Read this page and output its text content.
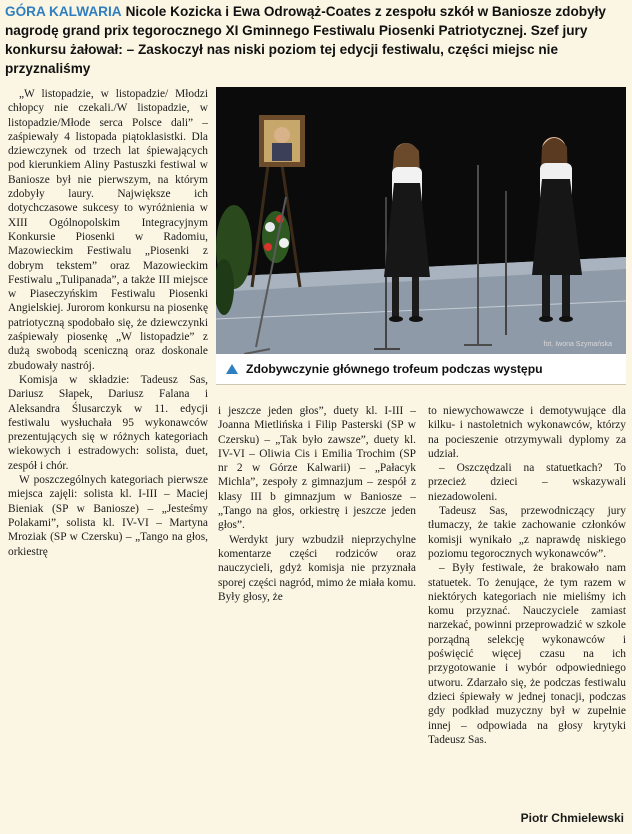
GÓRA KALWARIA Nicole Kozicka i Ewa Odrowąż-Coates z zespołu szkół w Baniosze zdobyły nagrodę grand prix tegorocznego XI Gminnego Festiwalu Piosenki Patriotycznej. Szef jury konkursu żałował: – Zaskoczył nas niski poziom tej edycji festiwalu, części miejsc nie przyznaliśmy

„W listopadzie, w listopadzie/ Młodzi chłopcy nie czekali./W listopadzie, w listopadzie/Młode serca Polsce dali” – zaśpiewały 4 listopada piątoklasistki. Dla dziewczynek od trzech lat śpiewających pod kierunkiem Aliny Pastuszki festiwal w Baniosze był nie pierwszym, na którym zdobyły laury. Największe ich dotychczasowe sukcesy to wyróżnienia w XIII Ogólnopolskim Integracyjnym Konkursie Piosenki w Radomiu, Mazowieckim Festiwalu „Piosenki z dobrym tekstem” oraz Mazowieckim Festiwalu „Tulipanada”, a także III miejsce w Piaseczyńskim Festiwalu Piosenki Angielskiej. Jurorom konkursu na piosenkę patriotyczną spodobało się, że dziewczynki zaśpiewały piosenkę „W listopadzie” z dużą swobodą sceniczną oraz doskonale zbudowały nastrój.

Komisja w składzie: Tadeusz Sas, Dariusz Słapek, Dariusz Falana i Aleksandra Ślusarczyk w 11. edycji festiwalu wysłuchała 95 wykonawców prezentujących się w różnych kategoriach wiekowych i estradowych: solista, duet, zespół i chór.

W poszczególnych kategoriach pierwsze miejsca zajęli: solista kl. I-III – Maciej Bieniak (SP w Baniosze) – „Jesteśmy Polakami”, solista kl. IV-VI – Martyna Mroziak (SP w Czersku) – „Tango na głos, orkiestrę

fot. Iwona Szymańska
Zdobywczynie głównego trofeum podczas występu

i jeszcze jeden głos”, duety kl. I-III – Joanna Mietlińska i Filip Pasterski (SP w Czersku) – „Tak było zawsze”, duety kl. IV-VI – Oliwia Cis i Emilia Trochim (SP nr 2 w Górze Kalwarii) – „Pałacyk Michla”, zespoły z gimnazjum – zespół z klasy III b gimnazjum w Baniosze – „Tango na głos, orkiestrę i jeszcze jeden głos”.

Werdykt jury wzbudził nieprzychylne komentarze części rodziców oraz nauczycieli, gdyż komisja nie przyznała sporej części nagród, mimo że miała komu. Były głosy, że

to niewychowawcze i demotywujące dla kilku- i nastoletnich wykonawców, którzy na pocieszenie otrzymywali dyplomy za udział.

– Oszczędzali na statuetkach? To przecież dzieci – wskazywali niezadowoleni.

Tadeusz Sas, przewodniczący jury tłumaczy, że takie zachowanie członków komisji wynikało „z naprawdę niskiego poziomu tegorocznych wykonawców”.

– Były festiwale, że brakowało nam statuetek. To żenujące, że tym razem w niektórych kategoriach nie mieliśmy ich komu przyznać. Nauczyciele zamiast narzekać, powinni przeprowadzić w szkole porządną selekcję wykonawców i poświęcić więcej czasu na ich przygotowanie i wybór odpowiedniego utworu. Zdarzało się, że podczas festiwalu dzieci śpiewały w jednej tonacji, podczas gdy podkład muzyczny był w zupełnie innej – odpowiada na głosy krytyki Tadeusz Sas.

Piotr Chmielewski
